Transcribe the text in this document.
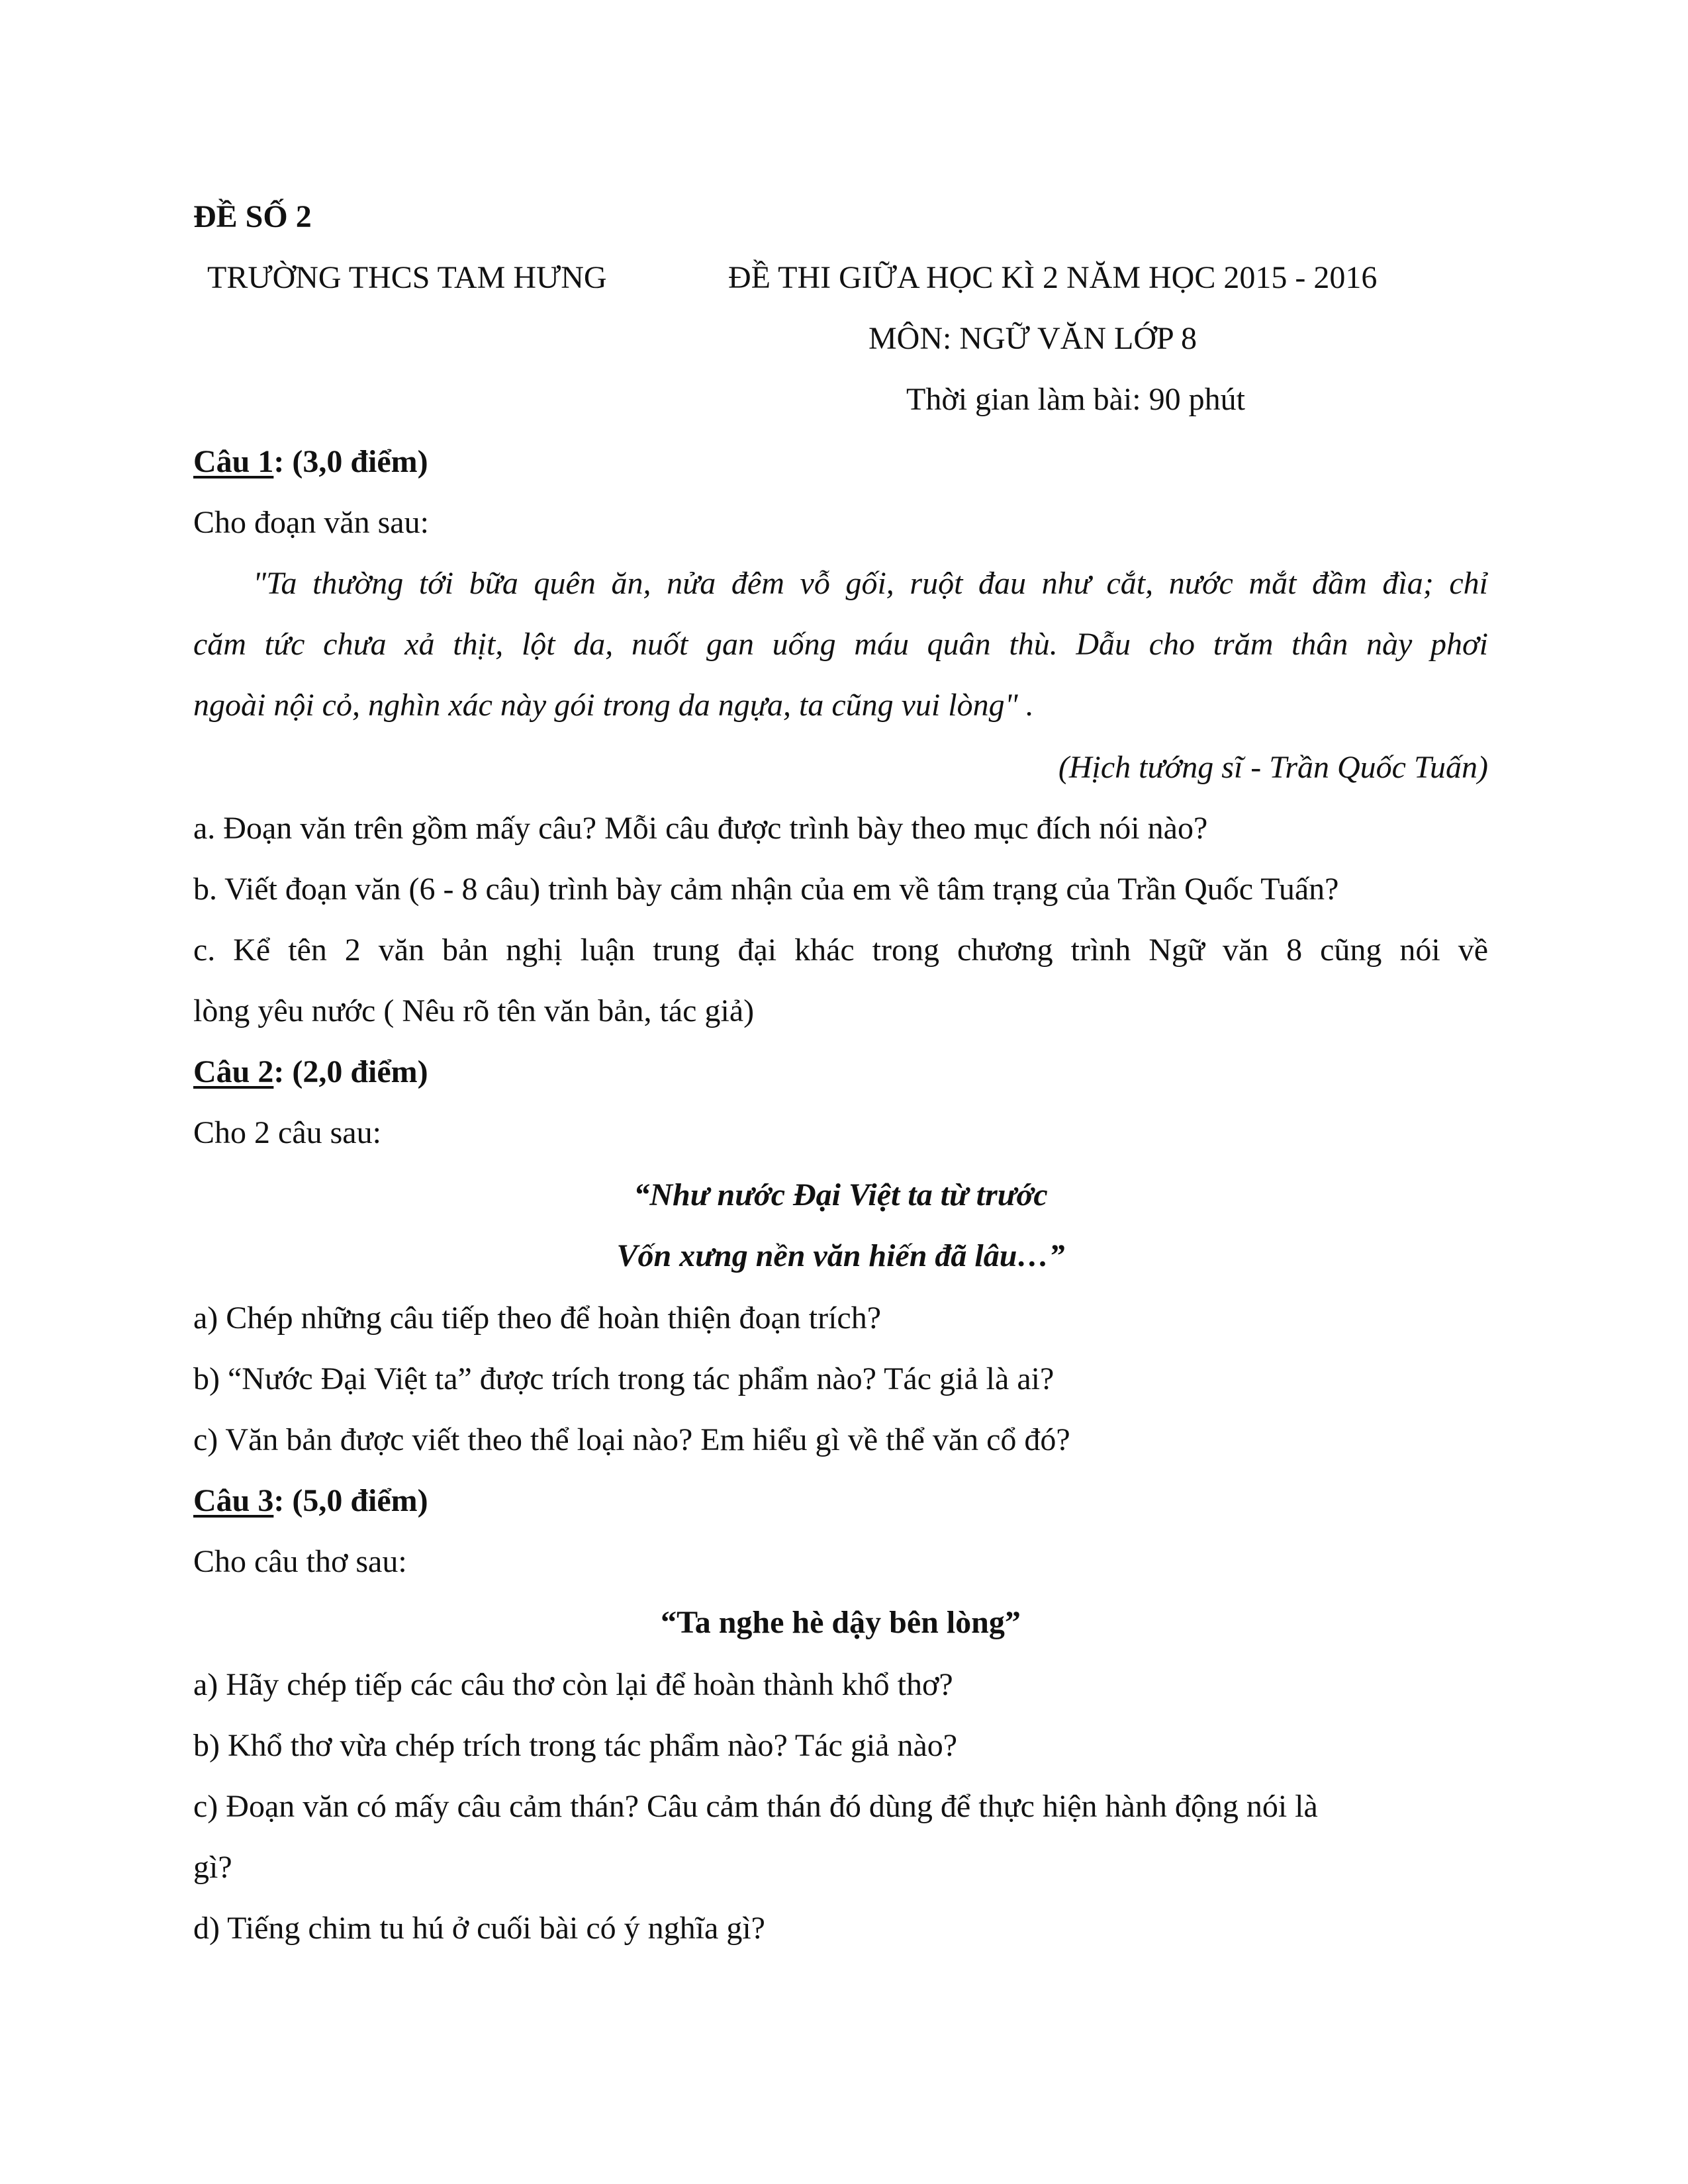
ĐỀ SỐ 2
TRƯỜNG THCS TAM HƯNG	ĐỀ THI GIỮA HỌC KÌ 2 NĂM HỌC 2015 - 2016
MÔN: NGỮ VĂN LỚP 8
Thời gian làm bài: 90 phút
Câu 1: (3,0 điểm)
Cho đoạn văn sau:
"Ta thường tới bữa quên ăn, nửa đêm vỗ gối, ruột đau như cắt, nước mắt đầm đìa; chỉ
căm tức chưa xả thịt, lột da, nuốt gan uống máu quân thù. Dẫu cho trăm thân này phơi
ngoài nội cỏ, nghìn xác này gói trong da ngựa, ta cũng vui lòng" .
(Hịch tướng sĩ - Trần Quốc Tuấn)
a. Đoạn văn trên gồm mấy câu? Mỗi câu được trình bày theo mục đích nói nào?
b. Viết đoạn văn (6 - 8 câu) trình bày cảm nhận của em về tâm trạng của Trần Quốc Tuấn?
c. Kể tên 2 văn bản nghị luận trung đại khác trong chương trình Ngữ văn 8 cũng nói về
lòng yêu nước ( Nêu rõ tên văn bản, tác giả)
Câu 2: (2,0 điểm)
Cho 2 câu sau:
“Như nước Đại Việt ta từ trước
Vốn xưng nền văn hiến đã lâu…”
a) Chép những câu tiếp theo để hoàn thiện đoạn trích?
b) “Nước Đại Việt ta” được trích trong tác phẩm nào? Tác giả là ai?
c) Văn bản được viết theo thể loại nào? Em hiểu gì về thể văn cổ đó?
Câu 3: (5,0 điểm)
Cho câu thơ sau:
“Ta nghe hè dậy bên lòng”
a) Hãy chép tiếp các câu thơ còn lại để hoàn thành khổ thơ?
b) Khổ thơ vừa chép trích trong tác phẩm nào? Tác giả nào?
c) Đoạn văn có mấy câu cảm thán? Câu cảm thán đó dùng để thực hiện hành động nói là
gì?
d) Tiếng chim tu hú ở cuối bài có ý nghĩa gì?
